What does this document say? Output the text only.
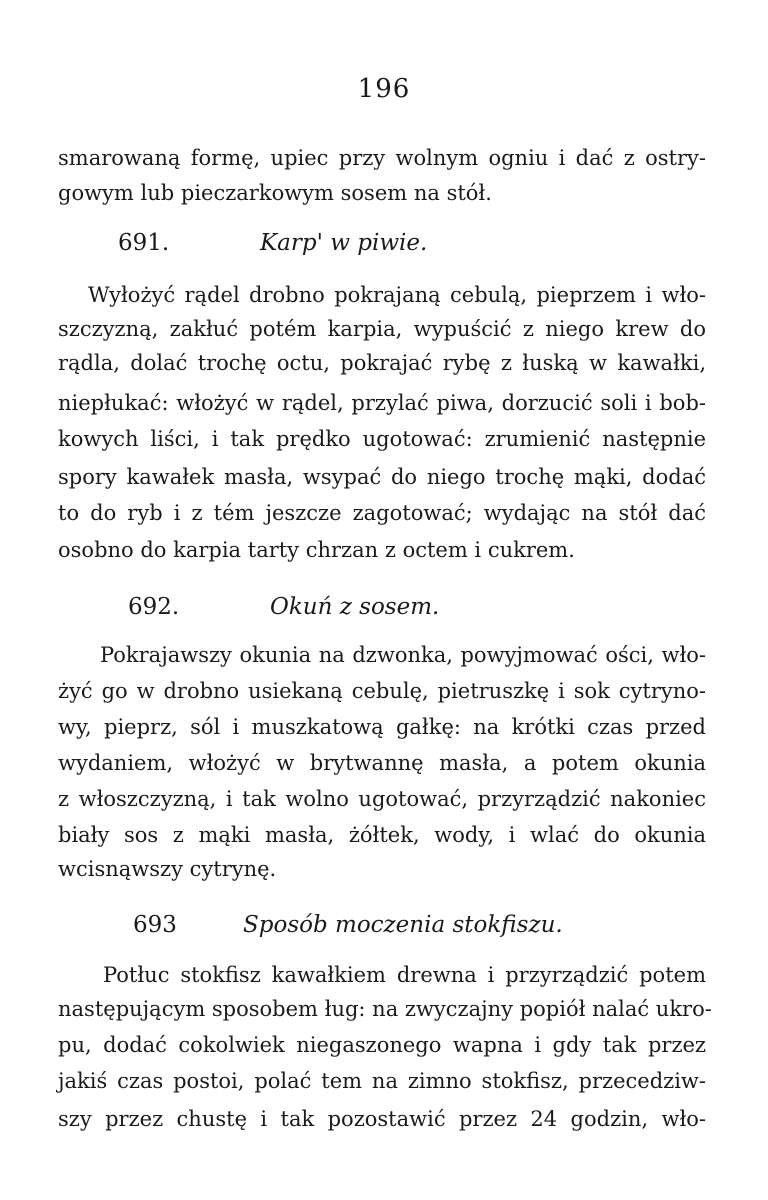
196
smarowaną formę, upiec przy wolnym ogniu i dać z ostry-
gowym lub pieczarkowym sosem na stół.
691.	Karp' w piwie.
Wyłożyć rądel drobno pokrajaną cebulą, pieprzem i wło-
szczyzną, zakłuć potém karpia, wypuścić z niego krew do
rądla, dolać trochę octu, pokrajać rybę z łuską w kawałki,
niepłukać: włożyć w rądel, przylać piwa, dorzucić soli i bob-
kowych liści, i tak prędko ugotować: zrumienić następnie
spory kawałek masła, wsypać do niego trochę mąki, dodać
to do ryb i z tém jeszcze zagotować; wydając na stół dać
osobno do karpia tarty chrzan z octem i cukrem.
692.	Okuń z sosem.
Pokrajawszy okunia na dzwonka, powyjmować ości, wło-
żyć go w drobno usiekaną cebulę, pietruszkę i sok cytryno-
wy, pieprz, sól i muszkatową gałkę: na krótki czas przed
wydaniem, włożyć w brytwannę masła, a potem okunia
z włoszczyzną, i tak wolno ugotować, przyrządzić nakoniec
biały sos z mąki masła, żółtek, wody, i wlać do okunia
wcisnąwszy cytrynę.
693	Sposób moczenia stokfiszu.
Potłuc stokfisz kawałkiem drewna i przyrządzić potem
następującym sposobem ług: na zwyczajny popiół nalać ukro-
pu, dodać cokolwiek niegaszonego wapna i gdy tak przez
jakiś czas postoi, polać tem na zimno stokfisz, przecedziw-
szy przez chustę i tak pozostawić przez 24 godzin, wło-
